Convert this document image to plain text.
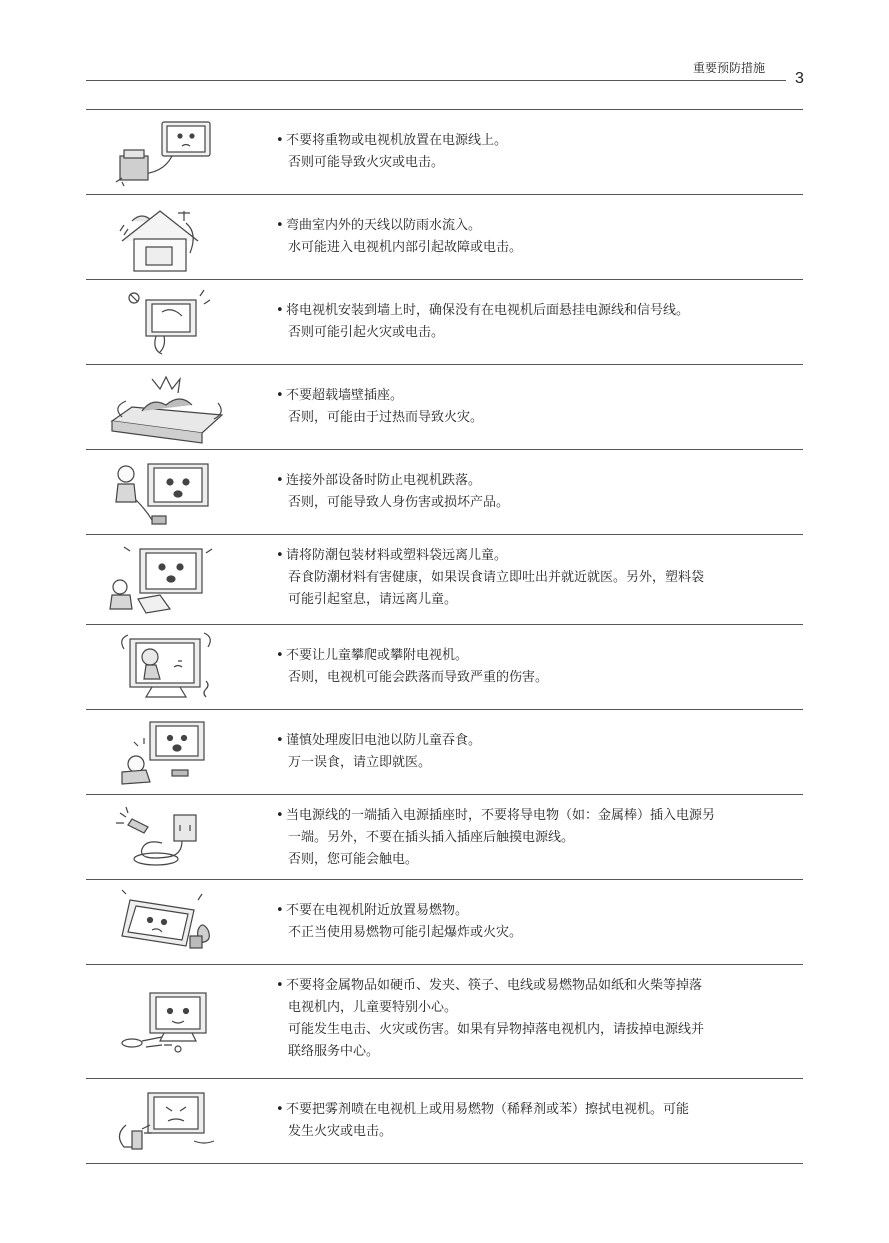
重要预防措施
3
• 不要将重物或电视机放置在电源线上。
否则可能导致火灾或电击。
• 弯曲室内外的天线以防雨水流入。
水可能进入电视机内部引起故障或电击。
• 将电视机安装到墙上时，确保没有在电视机后面悬挂电源线和信号线。
否则可能引起火灾或电击。
• 不要超载墙壁插座。
否则，可能由于过热而导致火灾。
• 连接外部设备时防止电视机跌落。
否则，可能导致人身伤害或损坏产品。
• 请将防潮包装材料或塑料袋远离儿童。
吞食防潮材料有害健康，如果误食请立即吐出并就近就医。另外，塑料袋
可能引起窒息，请远离儿童。
• 不要让儿童攀爬或攀附电视机。
否则，电视机可能会跌落而导致严重的伤害。
• 谨慎处理废旧电池以防儿童吞食。
万一误食，请立即就医。
• 当电源线的一端插入电源插座时，不要将导电物（如：金属棒）插入电源另
一端。另外，不要在插头插入插座后触摸电源线。
否则，您可能会触电。
• 不要在电视机附近放置易燃物。
不正当使用易燃物可能引起爆炸或火灾。
• 不要将金属物品如硬币、发夹、筷子、电线或易燃物品如纸和火柴等掉落
电视机内，儿童要特别小心。
可能发生电击、火灾或伤害。如果有异物掉落电视机内，请拔掉电源线并
联络服务中心。
• 不要把雾剂喷在电视机上或用易燃物（稀释剂或苯）擦拭电视机。可能
发生火灾或电击。
